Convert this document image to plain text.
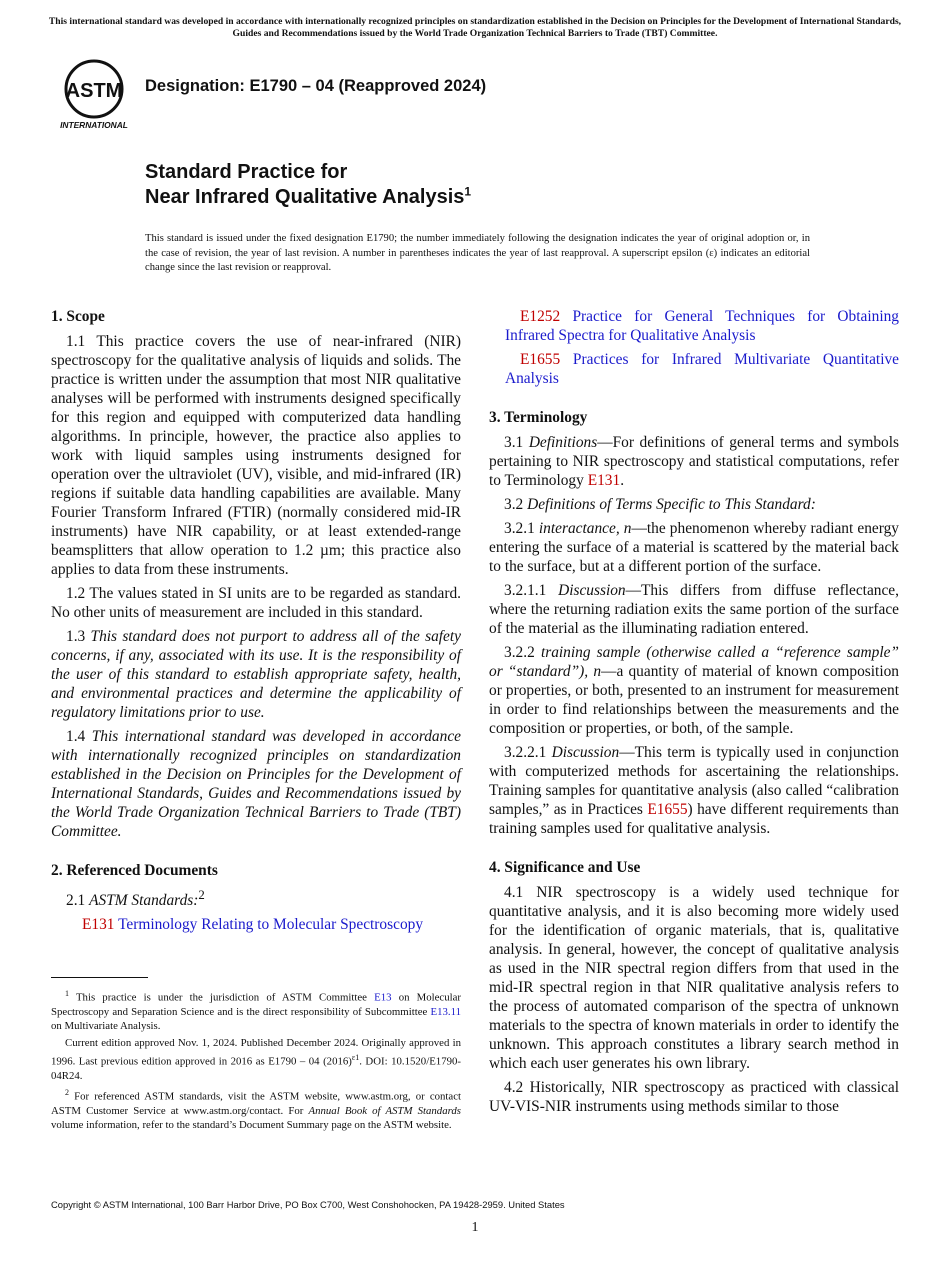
This international standard was developed in accordance with internationally recognized principles on standardization established in the Decision on Principles for the Development of International Standards, Guides and Recommendations issued by the World Trade Organization Technical Barriers to Trade (TBT) Committee.
ASTM
INTERNATIONAL
Designation: E1790 – 04 (Reapproved 2024)
Standard Practice for
Near Infrared Qualitative Analysis$^1$
This standard is issued under the fixed designation E1790; the number immediately following the designation indicates the year of original adoption or, in the case of revision, the year of last revision. A number in parentheses indicates the year of last reapproval. A superscript epsilon (ε) indicates an editorial change since the last revision or reapproval.
1. Scope

1.1 This practice covers the use of near-infrared (NIR) spectroscopy for the qualitative analysis of liquids and solids. The practice is written under the assumption that most NIR qualitative analyses will be performed with instruments designed specifically for this region and equipped with computerized data handling algorithms. In principle, however, the practice also applies to work with liquid samples using instruments designed for operation over the ultraviolet (UV), visible, and mid-infrared (IR) regions if suitable data handling capabilities are available. Many Fourier Transform Infrared (FTIR) (normally considered mid-IR instruments) have NIR capability, or at least extended-range beamsplitters that allow operation to 1.2 µm; this practice also applies to data from these instruments.

1.2 The values stated in SI units are to be regarded as standard. No other units of measurement are included in this standard.

1.3 This standard does not purport to address all of the safety concerns, if any, associated with its use. It is the responsibility of the user of this standard to establish appropriate safety, health, and environmental practices and determine the applicability of regulatory limitations prior to use.

1.4 This international standard was developed in accordance with internationally recognized principles on standardization established in the Decision on Principles for the Development of International Standards, Guides and Recommendations issued by the World Trade Organization Technical Barriers to Trade (TBT) Committee.

2. Referenced Documents

2.1 ASTM Standards:$^2$

E131 Terminology Relating to Molecular Spectroscopy

E1252 Practice for General Techniques for Obtaining Infrared Spectra for Qualitative Analysis

E1655 Practices for Infrared Multivariate Quantitative Analysis

3. Terminology

3.1 Definitions—For definitions of general terms and symbols pertaining to NIR spectroscopy and statistical computations, refer to Terminology E131.

3.2 Definitions of Terms Specific to This Standard:

3.2.1 interactance, n—the phenomenon whereby radiant energy entering the surface of a material is scattered by the material back to the surface, but at a different portion of the surface.

3.2.1.1 Discussion—This differs from diffuse reflectance, where the returning radiation exits the same portion of the surface of the material as the illuminating radiation entered.

3.2.2 training sample (otherwise called a “reference sample” or “standard”), n—a quantity of material of known composition or properties, or both, presented to an instrument for measurement in order to find relationships between the measurements and the composition or properties, or both, of the sample.

3.2.2.1 Discussion—This term is typically used in conjunction with computerized methods for ascertaining the relationships. Training samples for quantitative analysis (also called “calibration samples,” as in Practices E1655) have different requirements than training samples used for qualitative analysis.

4. Significance and Use

4.1 NIR spectroscopy is a widely used technique for quantitative analysis, and it is also becoming more widely used for the identification of organic materials, that is, qualitative analysis. In general, however, the concept of qualitative analysis as used in the NIR spectral region differs from that used in the mid-IR spectral region in that NIR qualitative analysis refers to the process of automated comparison of the spectra of unknown materials to the spectra of known materials in order to identify the unknown. This approach constitutes a library search method in which each user generates his own library.

4.2 Historically, NIR spectroscopy as practiced with classical UV-VIS-NIR instruments using methods similar to those

$^1$ This practice is under the jurisdiction of ASTM Committee E13 on Molecular Spectroscopy and Separation Science and is the direct responsibility of Subcommittee E13.11 on Multivariate Analysis.

Current edition approved Nov. 1, 2024. Published December 2024. Originally approved in 1996. Last previous edition approved in 2016 as E1790 – 04 $(2016)^{\varepsilon 1}$. DOI: 10.1520/E1790-04R24.

$^2$ For referenced ASTM standards, visit the ASTM website, www.astm.org, or contact ASTM Customer Service at www.astm.org/contact. For Annual Book of ASTM Standards volume information, refer to the standard’s Document Summary page on the ASTM website.

Copyright © ASTM International, 100 Barr Harbor Drive, PO Box C700, West Conshohocken, PA 19428-2959. United States
1
